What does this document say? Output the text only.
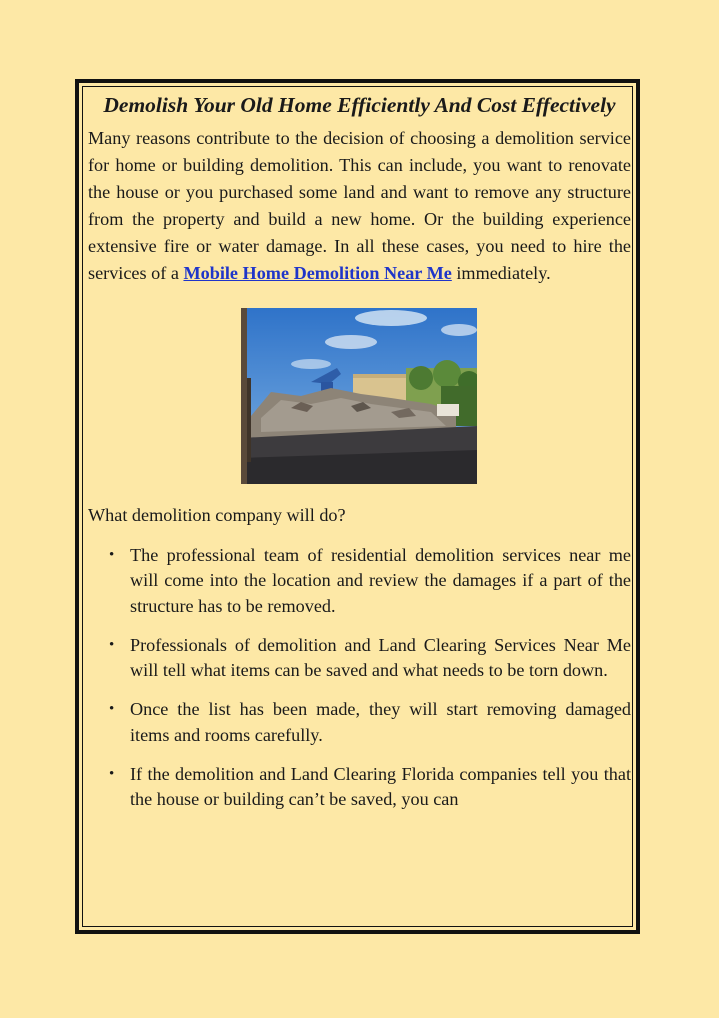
Demolish Your Old Home Efficiently And Cost Effectively

Many reasons contribute to the decision of choosing a demolition service for home or building demolition. This can include, you want to renovate the house or you purchased some land and want to remove any structure from the property and build a new home. Or the building experience extensive fire or water damage. In all these cases, you need to hire the services of a Mobile Home Demolition Near Me immediately.

What demolition company will do?

• The professional team of residential demolition services near me will come into the location and review the damages if a part of the structure has to be removed.
• Professionals of demolition and Land Clearing Services Near Me will tell what items can be saved and what needs to be torn down.
• Once the list has been made, they will start removing damaged items and rooms carefully.
• If the demolition and Land Clearing Florida companies tell you that the house or building can’t be saved, you can
